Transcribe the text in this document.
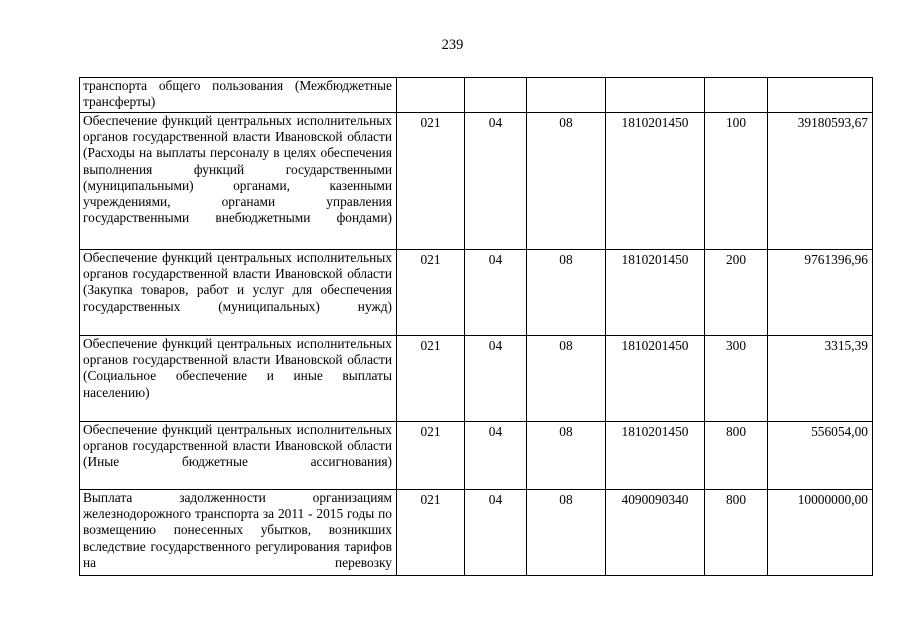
239
транспорта общего пользования (Межбюджетные трансферты)						
Обеспечение функций центральных исполнительных органов государственной власти Ивановской области (Расходы на выплаты персоналу в целях обеспечения выполнения функций государственными (муниципальными) органами, казенными учреждениями, органами управления государственными внебюджетными фондами)	021	04	08	1810201450	100	39180593,67
Обеспечение функций центральных исполнительных органов государственной власти Ивановской области (Закупка товаров, работ и услуг для обеспечения государственных (муниципальных) нужд)	021	04	08	1810201450	200	9761396,96
Обеспечение функций центральных исполнительных органов государственной власти Ивановской области (Социальное обеспечение и иные выплаты населению)	021	04	08	1810201450	300	3315,39
Обеспечение функций центральных исполнительных органов государственной власти Ивановской области (Иные бюджетные ассигнования)	021	04	08	1810201450	800	556054,00
Выплата задолженности организациям железнодорожного транспорта за 2011 - 2015 годы по возмещению понесенных убытков, возникших вследствие государственного регулирования тарифов на перевозку	021	04	08	4090090340	800	10000000,00
